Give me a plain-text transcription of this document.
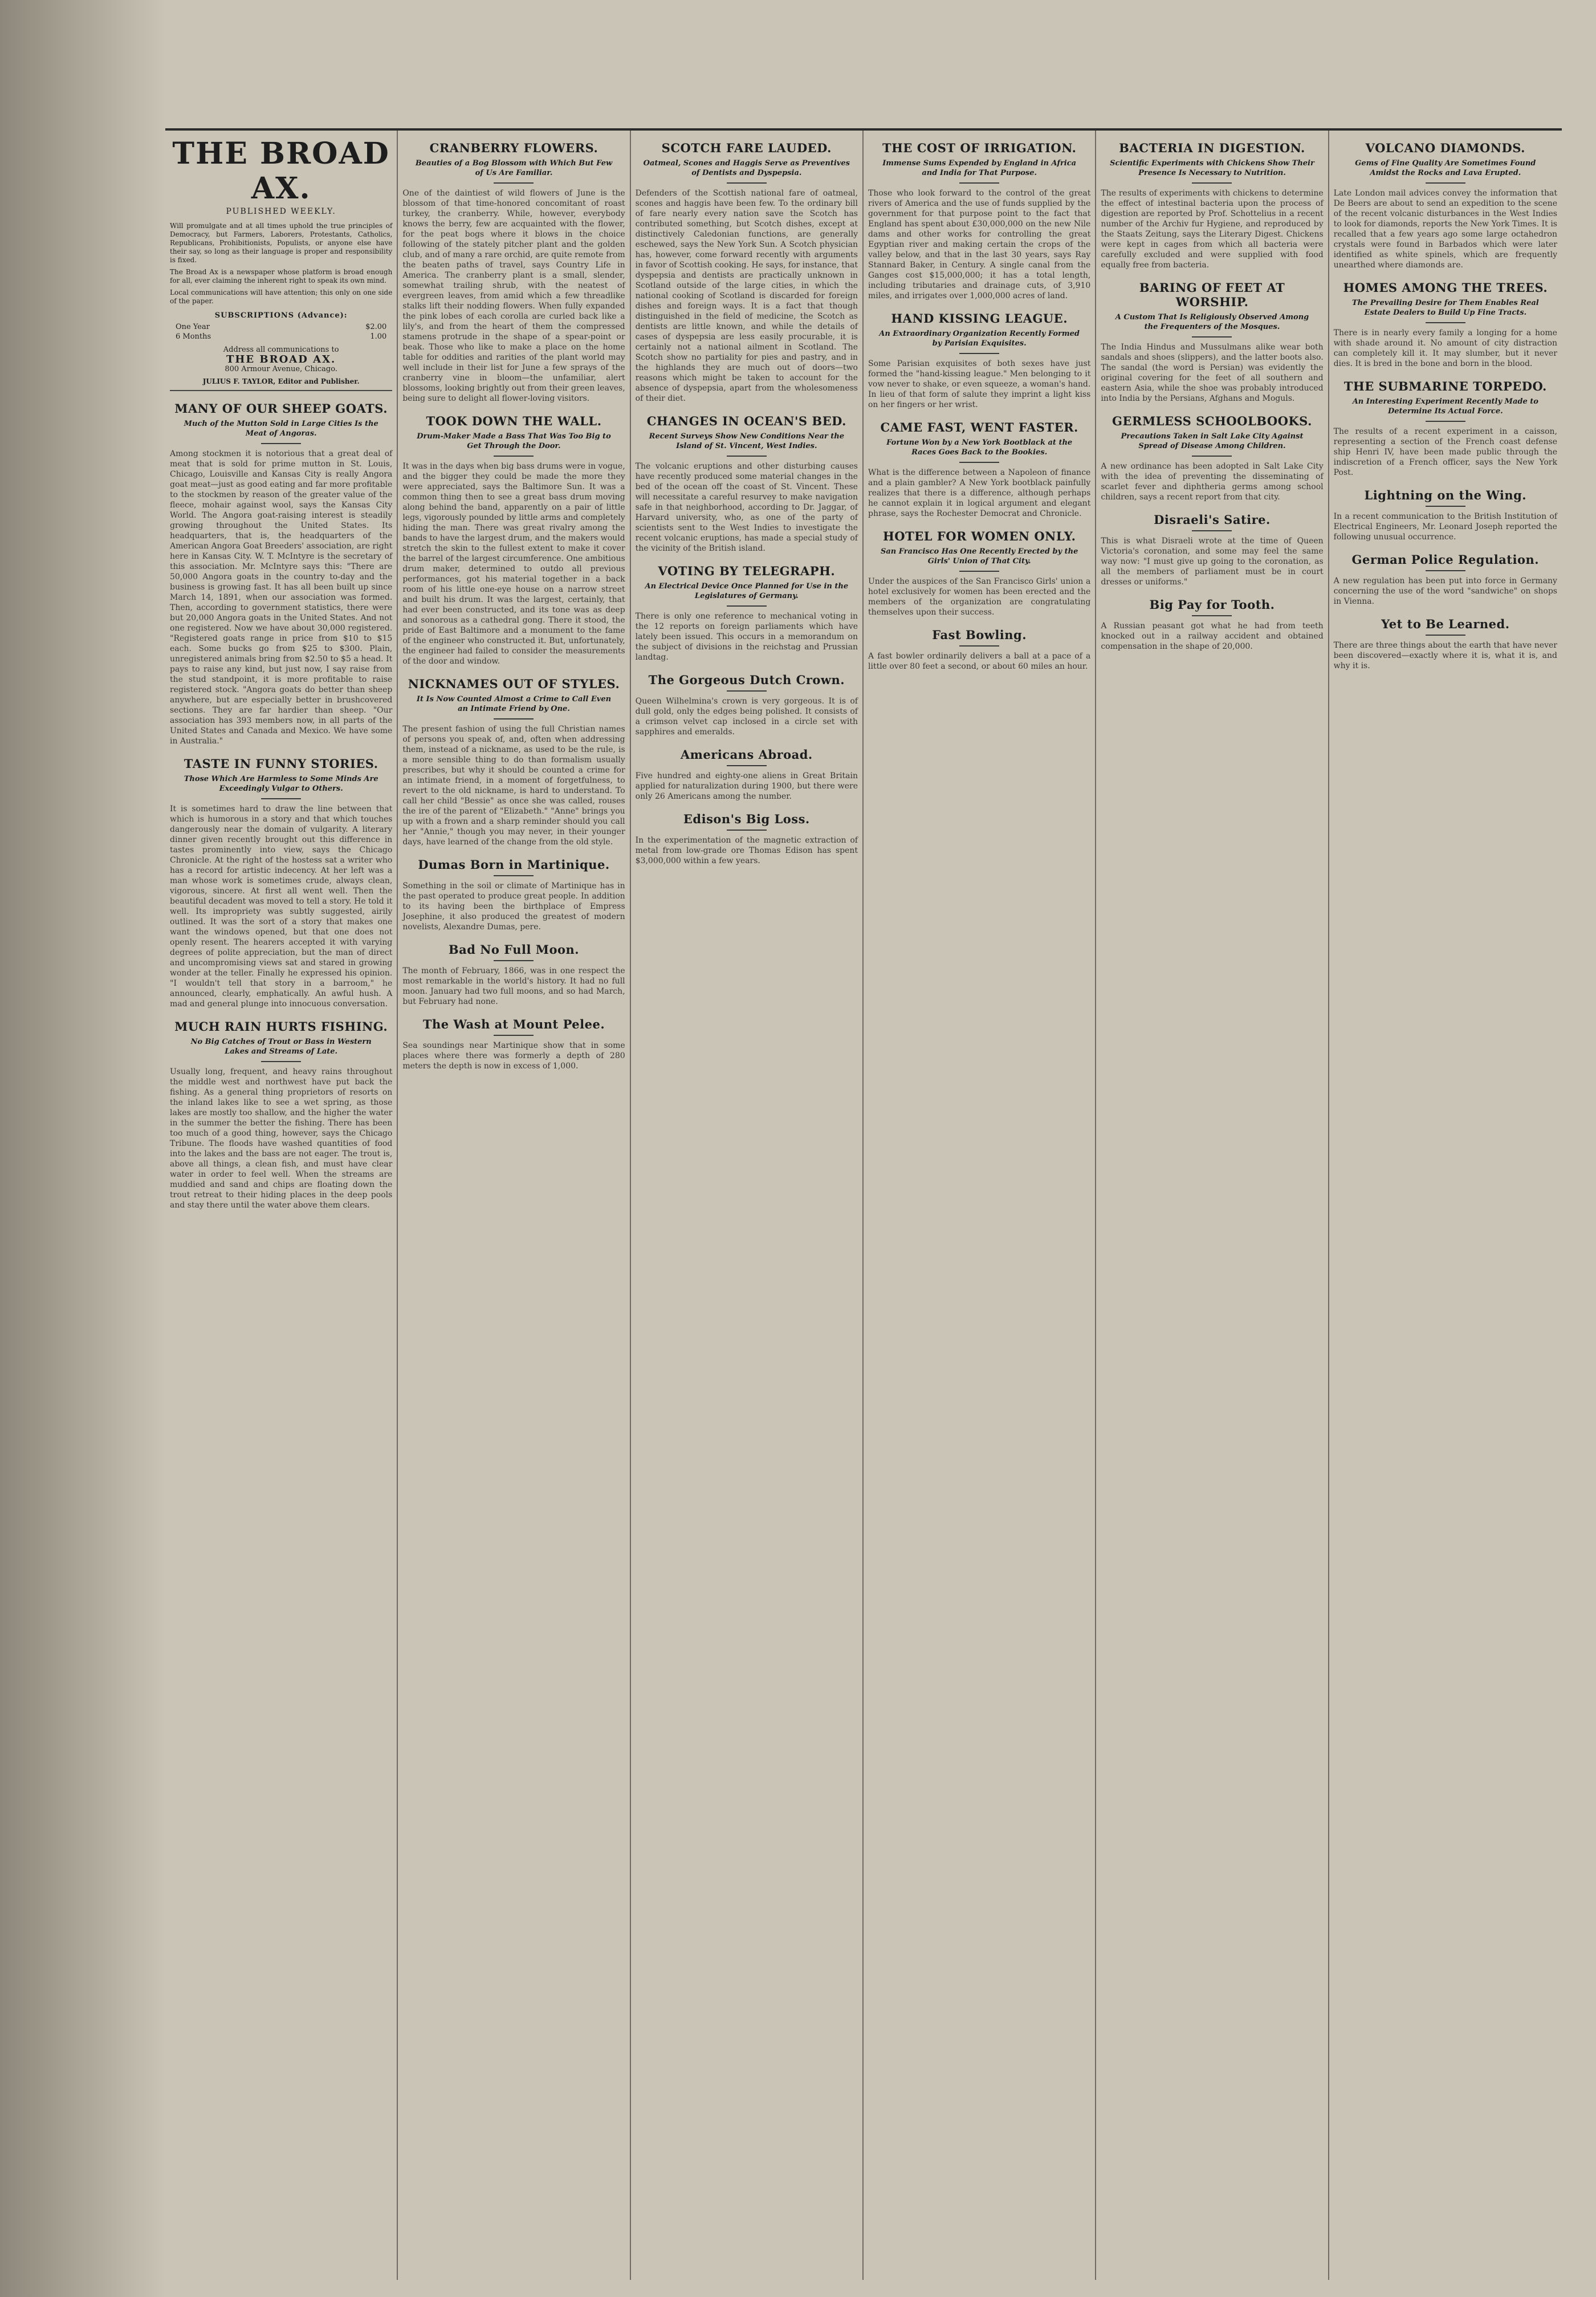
THE BROAD AX.
PUBLISHED WEEKLY.

Will promulgate and at all times uphold the true principles of Democracy, but Farmers, Laborers, Protestants, Catholics, Republicans, Prohibitionists, Populists, or anyone else have their say, so long as their language is proper and responsibility is fixed.

The Broad Ax is a newspaper whose platform is broad enough for all, ever claiming the inherent right to speak its own mind.

Local communications will have attention; this only on one side of the paper.

SUBSCRIPTIONS (Advance):
One Year	$2.00
6 Months	1.00
Address all communications to
THE BROAD AX.
800 Armour Avenue, Chicago.
JULIUS F. TAYLOR, Editor and Publisher.
MANY OF OUR SHEEP GOATS.
Much of the Mutton Sold in Large Cities Is the Meat of Angoras.
Among stockmen it is notorious that a great deal of meat that is sold for prime mutton in St. Louis, Chicago, Louisville and Kansas City is really Angora goat meat—just as good eating and far more profitable to the stockmen by reason of the greater value of the fleece, mohair against wool, says the Kansas City World. The Angora goat-raising interest is steadily growing throughout the United States. Its headquarters, that is, the headquarters of the American Angora Goat Breeders' association, are right here in Kansas City. W. T. McIntyre is the secretary of this association. Mr. McIntyre says this: "There are 50,000 Angora goats in the country to-day and the business is growing fast. It has all been built up since March 14, 1891, when our association was formed. Then, according to government statistics, there were but 20,000 Angora goats in the United States. And not one registered. Now we have about 30,000 registered. "Registered goats range in price from $10 to $15 each. Some bucks go from $25 to $300. Plain, unregistered animals bring from $2.50 to $5 a head. It pays to raise any kind, but just now, I say raise from the stud standpoint, it is more profitable to raise registered stock. "Angora goats do better than sheep anywhere, but are especially better in brushcovered sections. They are far hardier than sheep. "Our association has 393 members now, in all parts of the United States and Canada and Mexico. We have some in Australia."
TASTE IN FUNNY STORIES.
Those Which Are Harmless to Some Minds Are Exceedingly Vulgar to Others.
It is sometimes hard to draw the line between that which is humorous in a story and that which touches dangerously near the domain of vulgarity. A literary dinner given recently brought out this difference in tastes prominently into view, says the Chicago Chronicle. At the right of the hostess sat a writer who has a record for artistic indecency. At her left was a man whose work is sometimes crude, always clean, vigorous, sincere. At first all went well. Then the beautiful decadent was moved to tell a story. He told it well. Its impropriety was subtly suggested, airily outlined. It was the sort of a story that makes one want the windows opened, but that one does not openly resent. The hearers accepted it with varying degrees of polite appreciation, but the man of direct and uncompromising views sat and stared in growing wonder at the teller. Finally he expressed his opinion. "I wouldn't tell that story in a barroom," he announced, clearly, emphatically. An awful hush. A mad and general plunge into innocuous conversation.
MUCH RAIN HURTS FISHING.
No Big Catches of Trout or Bass in Western Lakes and Streams of Late.
Usually long, frequent, and heavy rains throughout the middle west and northwest have put back the fishing. As a general thing proprietors of resorts on the inland lakes like to see a wet spring, as those lakes are mostly too shallow, and the higher the water in the summer the better the fishing. There has been too much of a good thing, however, says the Chicago Tribune. The floods have washed quantities of food into the lakes and the bass are not eager. The trout is, above all things, a clean fish, and must have clear water in order to feel well. When the streams are muddied and sand and chips are floating down the trout retreat to their hiding places in the deep pools and stay there until the water above them clears.
CRANBERRY FLOWERS.
Beauties of a Bog Blossom with Which But Few of Us Are Familiar.
One of the daintiest of wild flowers of June is the blossom of that time-honored concomitant of roast turkey, the cranberry. While, however, everybody knows the berry, few are acquainted with the flower, for the peat bogs where it blows in the choice following of the stately pitcher plant and the golden club, and of many a rare orchid, are quite remote from the beaten paths of travel, says Country Life in America. The cranberry plant is a small, slender, somewhat trailing shrub, with the neatest of evergreen leaves, from amid which a few threadlike stalks lift their nodding flowers. When fully expanded the pink lobes of each corolla are curled back like a lily's, and from the heart of them the compressed stamens protrude in the shape of a spear-point or beak. Those who like to make a place on the home table for oddities and rarities of the plant world may well include in their list for June a few sprays of the cranberry vine in bloom—the unfamiliar, alert blossoms, looking brightly out from their green leaves, being sure to delight all flower-loving visitors.
TOOK DOWN THE WALL.
Drum-Maker Made a Bass That Was Too Big to Get Through the Door.
It was in the days when big bass drums were in vogue, and the bigger they could be made the more they were appreciated, says the Baltimore Sun. It was a common thing then to see a great bass drum moving along behind the band, apparently on a pair of little legs, vigorously pounded by little arms and completely hiding the man. There was great rivalry among the bands to have the largest drum, and the makers would stretch the skin to the fullest extent to make it cover the barrel of the largest circumference. One ambitious drum maker, determined to outdo all previous performances, got his material together in a back room of his little one-eye house on a narrow street and built his drum. It was the largest, certainly, that had ever been constructed, and its tone was as deep and sonorous as a cathedral gong. There it stood, the pride of East Baltimore and a monument to the fame of the engineer who constructed it. But, unfortunately, the engineer had failed to consider the measurements of the door and window.
NICKNAMES OUT OF STYLES.
It Is Now Counted Almost a Crime to Call Even an Intimate Friend by One.
The present fashion of using the full Christian names of persons you speak of, and, often when addressing them, instead of a nickname, as used to be the rule, is a more sensible thing to do than formalism usually prescribes, but why it should be counted a crime for an intimate friend, in a moment of forgetfulness, to revert to the old nickname, is hard to understand. To call her child "Bessie" as once she was called, rouses the ire of the parent of "Elizabeth." "Anne" brings you up with a frown and a sharp reminder should you call her "Annie," though you may never, in their younger days, have learned of the change from the old style.
Dumas Born in Martinique.
Something in the soil or climate of Martinique has in the past operated to produce great people. In addition to its having been the birthplace of Empress Josephine, it also produced the greatest of modern novelists, Alexandre Dumas, pere.
Bad No Full Moon.
The month of February, 1866, was in one respect the most remarkable in the world's history. It had no full moon. January had two full moons, and so had March, but February had none.
The Wash at Mount Pelee.
Sea soundings near Martinique show that in some places where there was formerly a depth of 280 meters the depth is now in excess of 1,000.
SCOTCH FARE LAUDED.
Oatmeal, Scones and Haggis Serve as Preventives of Dentists and Dyspepsia.
Defenders of the Scottish national fare of oatmeal, scones and haggis have been few. To the ordinary bill of fare nearly every nation save the Scotch has contributed something, but Scotch dishes, except at distinctively Caledonian functions, are generally eschewed, says the New York Sun. A Scotch physician has, however, come forward recently with arguments in favor of Scottish cooking. He says, for instance, that dyspepsia and dentists are practically unknown in Scotland outside of the large cities, in which the national cooking of Scotland is discarded for foreign dishes and foreign ways. It is a fact that though distinguished in the field of medicine, the Scotch as dentists are little known, and while the details of cases of dyspepsia are less easily procurable, it is certainly not a national ailment in Scotland. The Scotch show no partiality for pies and pastry, and in the highlands they are much out of doors—two reasons which might be taken to account for the absence of dyspepsia, apart from the wholesomeness of their diet.
CHANGES IN OCEAN'S BED.
Recent Surveys Show New Conditions Near the Island of St. Vincent, West Indies.
The volcanic eruptions and other disturbing causes have recently produced some material changes in the bed of the ocean off the coast of St. Vincent. These will necessitate a careful resurvey to make navigation safe in that neighborhood, according to Dr. Jaggar, of Harvard university, who, as one of the party of scientists sent to the West Indies to investigate the recent volcanic eruptions, has made a special study of the vicinity of the British island.
VOTING BY TELEGRAPH.
An Electrical Device Once Planned for Use in the Legislatures of Germany.
There is only one reference to mechanical voting in the 12 reports on foreign parliaments which have lately been issued. This occurs in a memorandum on the subject of divisions in the reichstag and Prussian landtag.
The Gorgeous Dutch Crown.
Queen Wilhelmina's crown is very gorgeous. It is of dull gold, only the edges being polished. It consists of a crimson velvet cap inclosed in a circle set with sapphires and emeralds.
Americans Abroad.
Five hundred and eighty-one aliens in Great Britain applied for naturalization during 1900, but there were only 26 Americans among the number.
Edison's Big Loss.
In the experimentation of the magnetic extraction of metal from low-grade ore Thomas Edison has spent $3,000,000 within a few years.
THE COST OF IRRIGATION.
Immense Sums Expended by England in Africa and India for That Purpose.
Those who look forward to the control of the great rivers of America and the use of funds supplied by the government for that purpose point to the fact that England has spent about £30,000,000 on the new Nile dams and other works for controlling the great Egyptian river and making certain the crops of the valley below, and that in the last 30 years, says Ray Stannard Baker, in Century. A single canal from the Ganges cost $15,000,000; it has a total length, including tributaries and drainage cuts, of 3,910 miles, and irrigates over 1,000,000 acres of land.
HAND KISSING LEAGUE.
An Extraordinary Organization Recently Formed by Parisian Exquisites.
Some Parisian exquisites of both sexes have just formed the "hand-kissing league." Men belonging to it vow never to shake, or even squeeze, a woman's hand. In lieu of that form of salute they imprint a light kiss on her fingers or her wrist.
CAME FAST, WENT FASTER.
Fortune Won by a New York Bootblack at the Races Goes Back to the Bookies.
What is the difference between a Napoleon of finance and a plain gambler? A New York bootblack painfully realizes that there is a difference, although perhaps he cannot explain it in logical argument and elegant phrase, says the Rochester Democrat and Chronicle.
HOTEL FOR WOMEN ONLY.
San Francisco Has One Recently Erected by the Girls' Union of That City.
Under the auspices of the San Francisco Girls' union a hotel exclusively for women has been erected and the members of the organization are congratulating themselves upon their success.
Fast Bowling.
A fast bowler ordinarily delivers a ball at a pace of a little over 80 feet a second, or about 60 miles an hour.
BACTERIA IN DIGESTION.
Scientific Experiments with Chickens Show Their Presence Is Necessary to Nutrition.
The results of experiments with chickens to determine the effect of intestinal bacteria upon the process of digestion are reported by Prof. Schottelius in a recent number of the Archiv fur Hygiene, and reproduced by the Staats Zeitung, says the Literary Digest. Chickens were kept in cages from which all bacteria were carefully excluded and were supplied with food equally free from bacteria.
BARING OF FEET AT WORSHIP.
A Custom That Is Religiously Observed Among the Frequenters of the Mosques.
The India Hindus and Mussulmans alike wear both sandals and shoes (slippers), and the latter boots also. The sandal (the word is Persian) was evidently the original covering for the feet of all southern and eastern Asia, while the shoe was probably introduced into India by the Persians, Afghans and Moguls.
GERMLESS SCHOOLBOOKS.
Precautions Taken in Salt Lake City Against Spread of Disease Among Children.
A new ordinance has been adopted in Salt Lake City with the idea of preventing the disseminating of scarlet fever and diphtheria germs among school children, says a recent report from that city.
Disraeli's Satire.
This is what Disraeli wrote at the time of Queen Victoria's coronation, and some may feel the same way now: "I must give up going to the coronation, as all the members of parliament must be in court dresses or uniforms."
Big Pay for Tooth.
A Russian peasant got what he had from teeth knocked out in a railway accident and obtained compensation in the shape of 20,000.
VOLCANO DIAMONDS.
Gems of Fine Quality Are Sometimes Found Amidst the Rocks and Lava Erupted.
Late London mail advices convey the information that De Beers are about to send an expedition to the scene of the recent volcanic disturbances in the West Indies to look for diamonds, reports the New York Times. It is recalled that a few years ago some large octahedron crystals were found in Barbados which were later identified as white spinels, which are frequently unearthed where diamonds are.
HOMES AMONG THE TREES.
The Prevailing Desire for Them Enables Real Estate Dealers to Build Up Fine Tracts.
There is in nearly every family a longing for a home with shade around it. No amount of city distraction can completely kill it. It may slumber, but it never dies. It is bred in the bone and born in the blood.
THE SUBMARINE TORPEDO.
An Interesting Experiment Recently Made to Determine Its Actual Force.
The results of a recent experiment in a caisson, representing a section of the French coast defense ship Henri IV, have been made public through the indiscretion of a French officer, says the New York Post.
Lightning on the Wing.
In a recent communication to the British Institution of Electrical Engineers, Mr. Leonard Joseph reported the following unusual occurrence.
German Police Regulation.
A new regulation has been put into force in Germany concerning the use of the word "sandwiche" on shops in Vienna.
Yet to Be Learned.
There are three things about the earth that have never been discovered—exactly where it is, what it is, and why it is.
